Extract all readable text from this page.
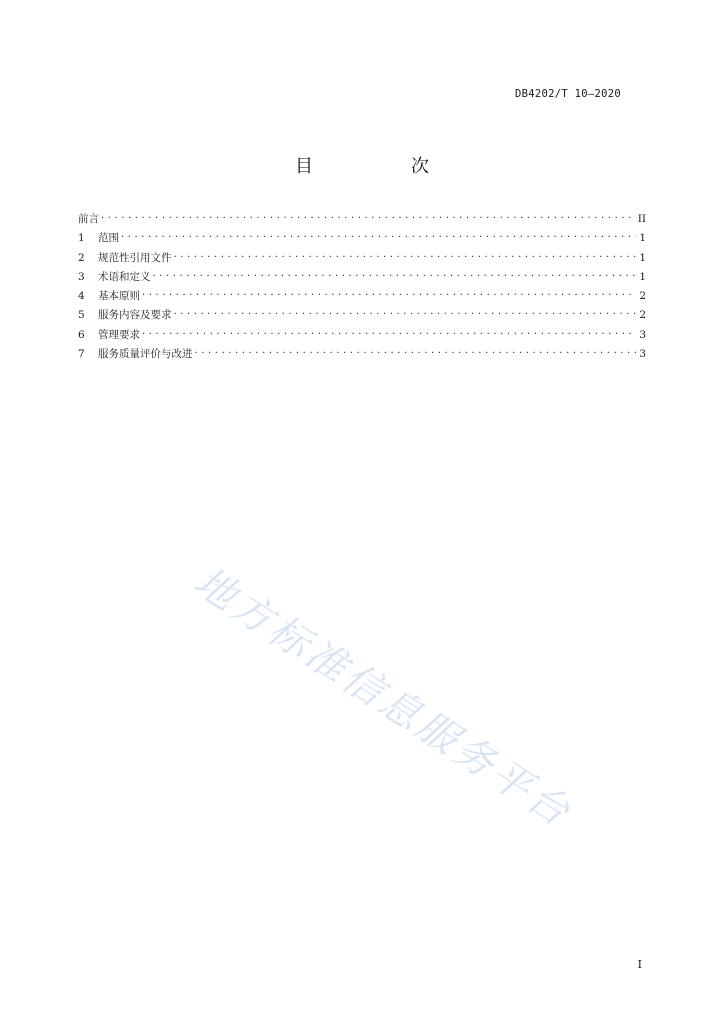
DB4202/T 10—2020
目　次
前言 . . .	II
1	范围 . . .	1
2	规范性引用文件 . . .	1
3	术语和定义 . . .	1
4	基本原则 . . .	2
5	服务内容及要求 . . .	2
6	管理要求 . . .	3
7	服务质量评价与改进 . . .	3
地方标准信息服务平台
I
